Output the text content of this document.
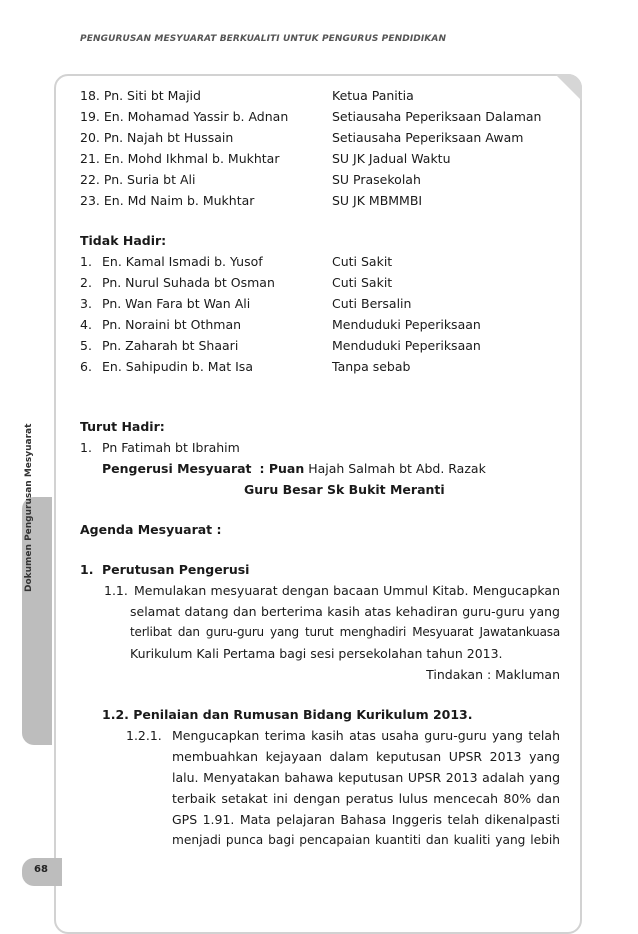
PENGURUSAN MESYUARAT BERKUALITI UNTUK PENGURUS PENDIDIKAN
Dokumen Pengurusan Mesyuarat
68
18. Pn. Siti bt Majid	Ketua Panitia
19. En. Mohamad Yassir b. Adnan	Setiausaha Peperiksaan Dalaman
20. Pn. Najah bt Hussain	Setiausaha Peperiksaan Awam
21. En. Mohd Ikhmal b. Mukhtar	SU JK Jadual Waktu
22. Pn. Suria bt Ali	SU Prasekolah
23. En. Md Naim b. Mukhtar	SU JK MBMMBI
Tidak Hadir:
1. En. Kamal Ismadi b. Yusof	Cuti Sakit
2. Pn. Nurul Suhada bt Osman	Cuti Sakit
3. Pn. Wan Fara bt Wan Ali	Cuti Bersalin
4. Pn. Noraini bt Othman	Menduduki Peperiksaan
5. Pn. Zaharah bt Shaari	Menduduki Peperiksaan
6. En. Sahipudin b. Mat Isa	Tanpa sebab
Turut Hadir:
1. Pn Fatimah bt Ibrahim
Pengerusi Mesyuarat : Puan Hajah Salmah bt Abd. Razak
Guru Besar Sk Bukit Meranti
Agenda Mesyuarat :
1. Perutusan Pengerusi
1.1. Memulakan mesyuarat dengan bacaan Ummul Kitab. Mengucapkan
selamat datang dan berterima kasih atas kehadiran guru-guru yang
terlibat dan guru-guru yang turut menghadiri Mesyuarat Jawatankuasa
Kurikulum Kali Pertama bagi sesi persekolahan tahun 2013.
Tindakan : Makluman
1.2. Penilaian dan Rumusan Bidang Kurikulum 2013.
1.2.1. Mengucapkan terima kasih atas usaha guru-guru yang telah
membuahkan kejayaan dalam keputusan UPSR 2013 yang
lalu. Menyatakan bahawa keputusan UPSR 2013 adalah yang
terbaik setakat ini dengan peratus lulus mencecah 80% dan
GPS 1.91. Mata pelajaran Bahasa Inggeris telah dikenalpasti
menjadi punca bagi pencapaian kuantiti dan kualiti yang lebih
